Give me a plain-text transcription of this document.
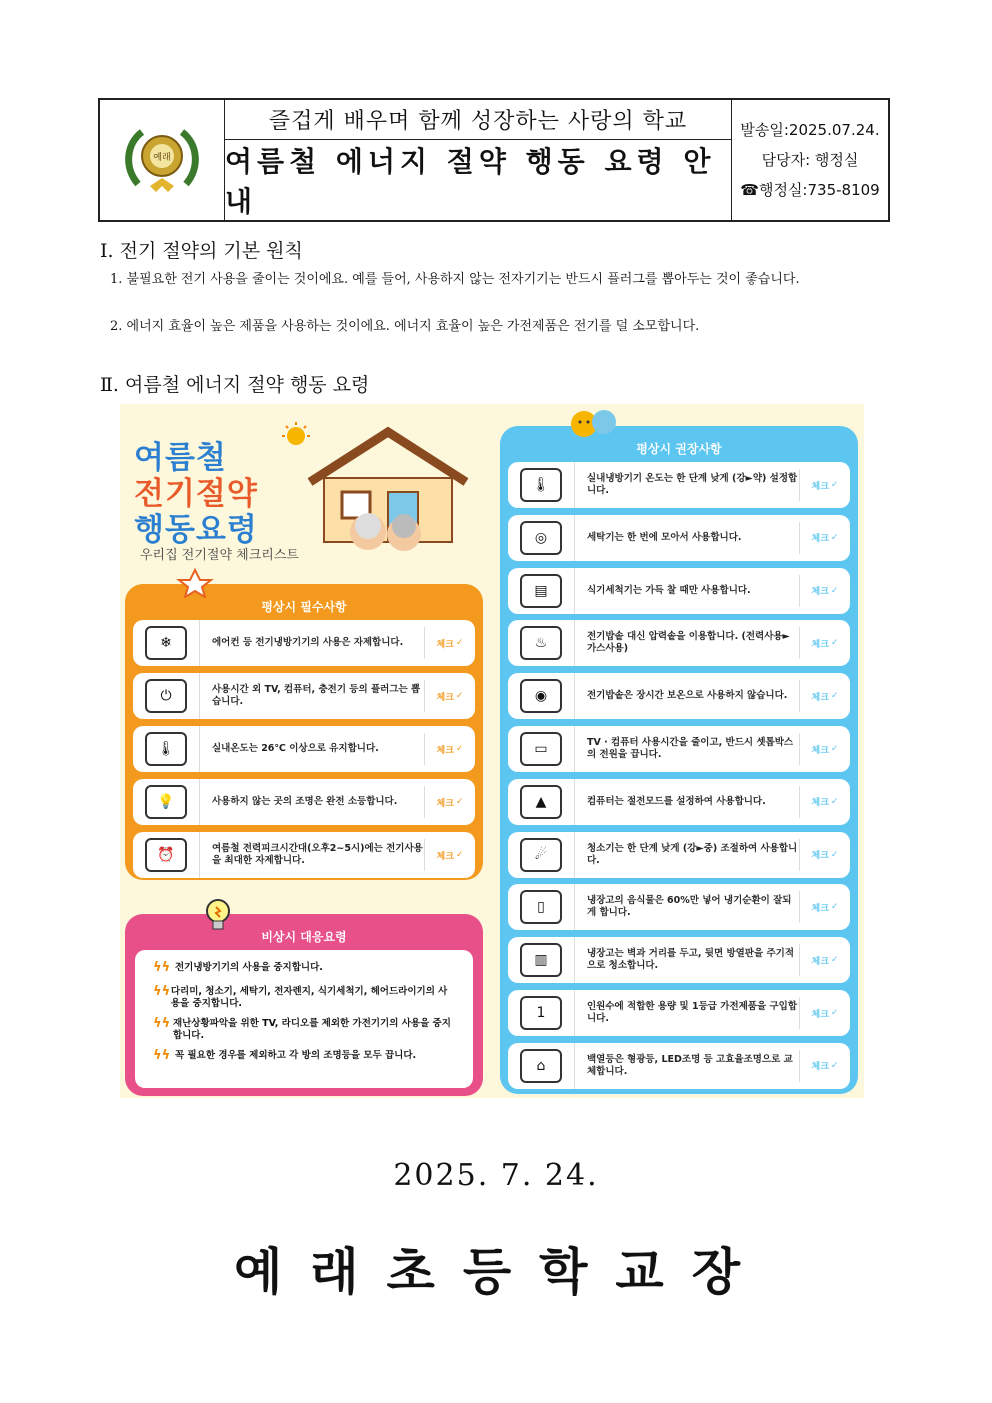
예래
즐겁게 배우며 함께 성장하는 사랑의 학교
여름철 에너지 절약 행동 요령 안내
발송일:2025.07.24.
담당자: 행정실
☎행정실:735-8109
Ⅰ. 전기 절약의 기본 원칙
1. 불필요한 전기 사용을 줄이는 것이에요. 예를 들어, 사용하지 않는 전자기기는 반드시 플러그를 뽑아두는 것이 좋습니다.
2. 에너지 효율이 높은 제품을 사용하는 것이에요. 에너지 효율이 높은 가전제품은 전기를 덜 소모합니다.
Ⅱ. 여름철 에너지 절약 행동 요령
여름철
전기절약
행동요령
우리집 전기절약 체크리스트
평상시 필수사항
❄	에어컨 등 전기냉방기기의 사용은 자제합니다.	체크 ✓
⏻	사용시간 외 TV, 컴퓨터, 충전기 등의 플러그는 뽑습니다.	체크 ✓
🌡	실내온도는 26℃ 이상으로 유지합니다.	체크 ✓
💡	사용하지 않는 곳의 조명은 완전 소등합니다.	체크 ✓
⏰	여름철 전력피크시간대(오후2~5시)에는 전기사용을 최대한 자제합니다.	체크 ✓
비상시 대응요령
ϟϟ 전기냉방기기의 사용을 중지합니다.
ϟϟ 다리미, 청소기, 세탁기, 전자렌지, 식기세척기, 헤어드라이기의 사용을 중지합니다.
ϟϟ 재난상황파악을 위한 TV, 라디오를 제외한 가전기기의 사용을 중지합니다.
ϟϟ 꼭 필요한 경우를 제외하고 각 방의 조명등을 모두 끕니다.
평상시 권장사항
🌡	실내냉방기기 온도는 한 단계 낮게 (강►약) 설정합니다.	체크 ✓
◎	세탁기는 한 번에 모아서 사용합니다.	체크 ✓
▤	식기세척기는 가득 찰 때만 사용합니다.	체크 ✓
♨	전기밥솥 대신 압력솥을 이용합니다. (전력사용►가스사용)	체크 ✓
◉	전기밥솥은 장시간 보온으로 사용하지 않습니다.	체크 ✓
▭	TV · 컴퓨터 사용시간을 줄이고, 반드시 셋톱박스의 전원을 끕니다.	체크 ✓
▲	컴퓨터는 절전모드를 설정하여 사용합니다.	체크 ✓
☄	청소기는 한 단계 낮게 (강►중) 조절하여 사용합니다.	체크 ✓
▯	냉장고의 음식물은 60%만 넣어 냉기순환이 잘되게 합니다.	체크 ✓
▥	냉장고는 벽과 거리를 두고, 뒷면 방열판을 주기적으로 청소합니다.	체크 ✓
1	인원수에 적합한 용량 및 1등급 가전제품을 구입합니다.	체크 ✓
⌂	백열등은 형광등, LED조명 등 고효율조명으로 교체합니다.	체크 ✓
2025. 7. 24.
예래초등학교장
